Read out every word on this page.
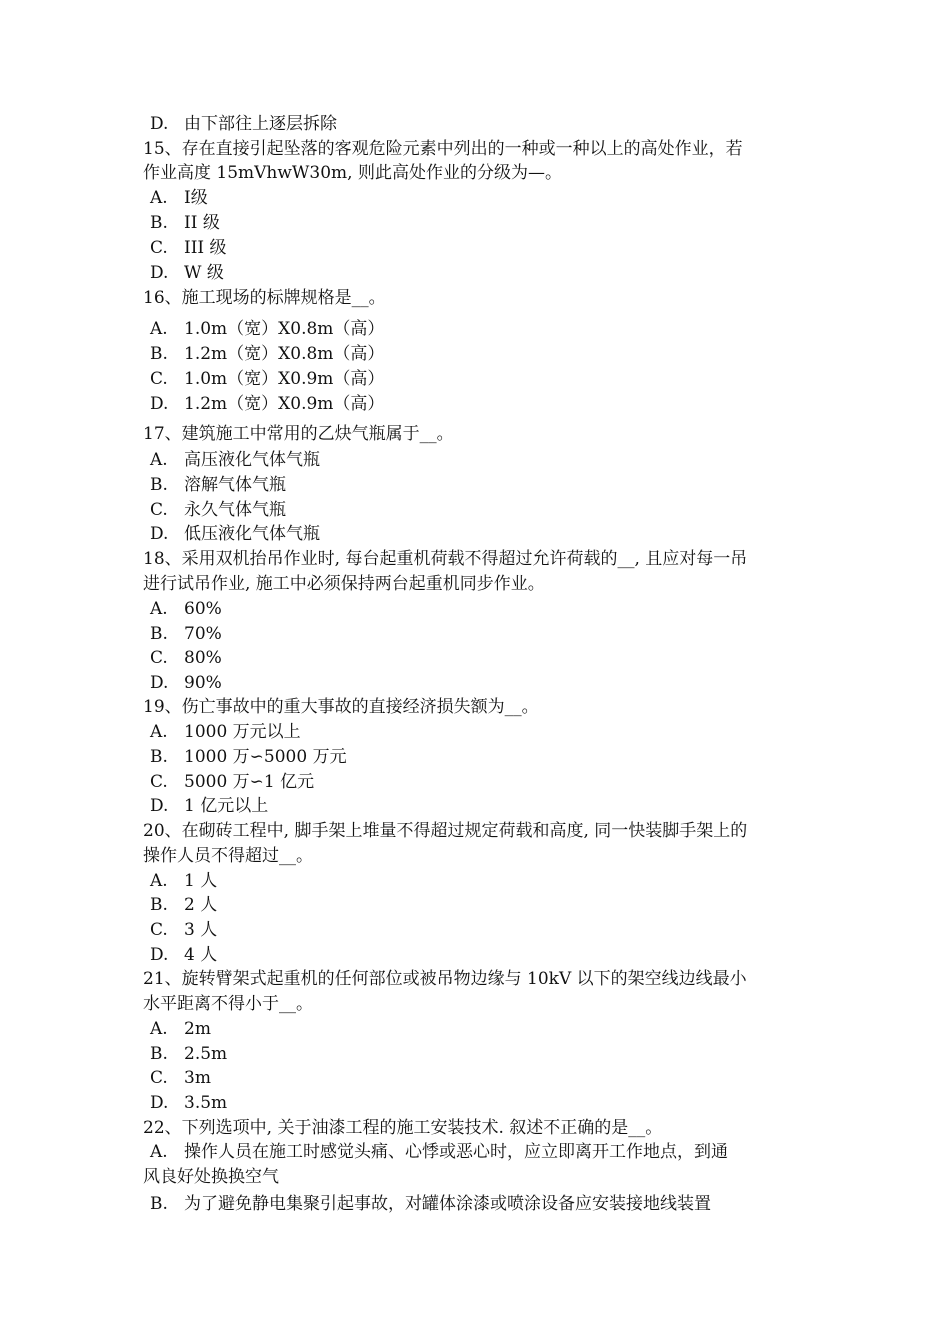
D. 由下部往上逐层拆除
15、存在直接引起坠落的客观危险元素中列出的一种或一种以上的高处作业，若
作业高度 15mVhwW30m, 则此高处作业的分级为—。
A. Ⅰ级
B. II 级
C. III 级
D. W 级
16、施工现场的标牌规格是__。
A. 1.0m（宽）X0.8m（高）
B. 1.2m（宽）X0.8m（高）
C. 1.0m（宽）X0.9m（高）
D. 1.2m（宽）X0.9m（高）
17、建筑施工中常用的乙炔气瓶属于__。
A. 高压液化气体气瓶
B. 溶解气体气瓶
C. 永久气体气瓶
D. 低压液化气体气瓶
18、采用双机抬吊作业时, 每台起重机荷载不得超过允许荷载的__, 且应对每一吊
进行试吊作业, 施工中必须保持两台起重机同步作业。
A. 60%
B. 70%
C. 80%
D. 90%
19、伤亡事故中的重大事故的直接经济损失额为__。
A. 1000 万元以上
B. 1000 万∽5000 万元
C. 5000 万∽1 亿元
D. 1 亿元以上
20、在砌砖工程中, 脚手架上堆量不得超过规定荷载和高度, 同一快装脚手架上的
操作人员不得超过__。
A. 1 人
B. 2 人
C. 3 人
D. 4 人
21、旋转臂架式起重机的任何部位或被吊物边缘与 10kV 以下的架空线边线最小
水平距离不得小于__。
A. 2m
B. 2.5m
C. 3m
D. 3.5m
22、下列选项中, 关于油漆工程的施工安装技术. 叙述不正确的是__。
A. 操作人员在施工时感觉头痛、心悸或恶心时，应立即离开工作地点，到通
风良好处换换空气
B. 为了避免静电集聚引起事故，对罐体涂漆或喷涂设备应安装接地线装置
